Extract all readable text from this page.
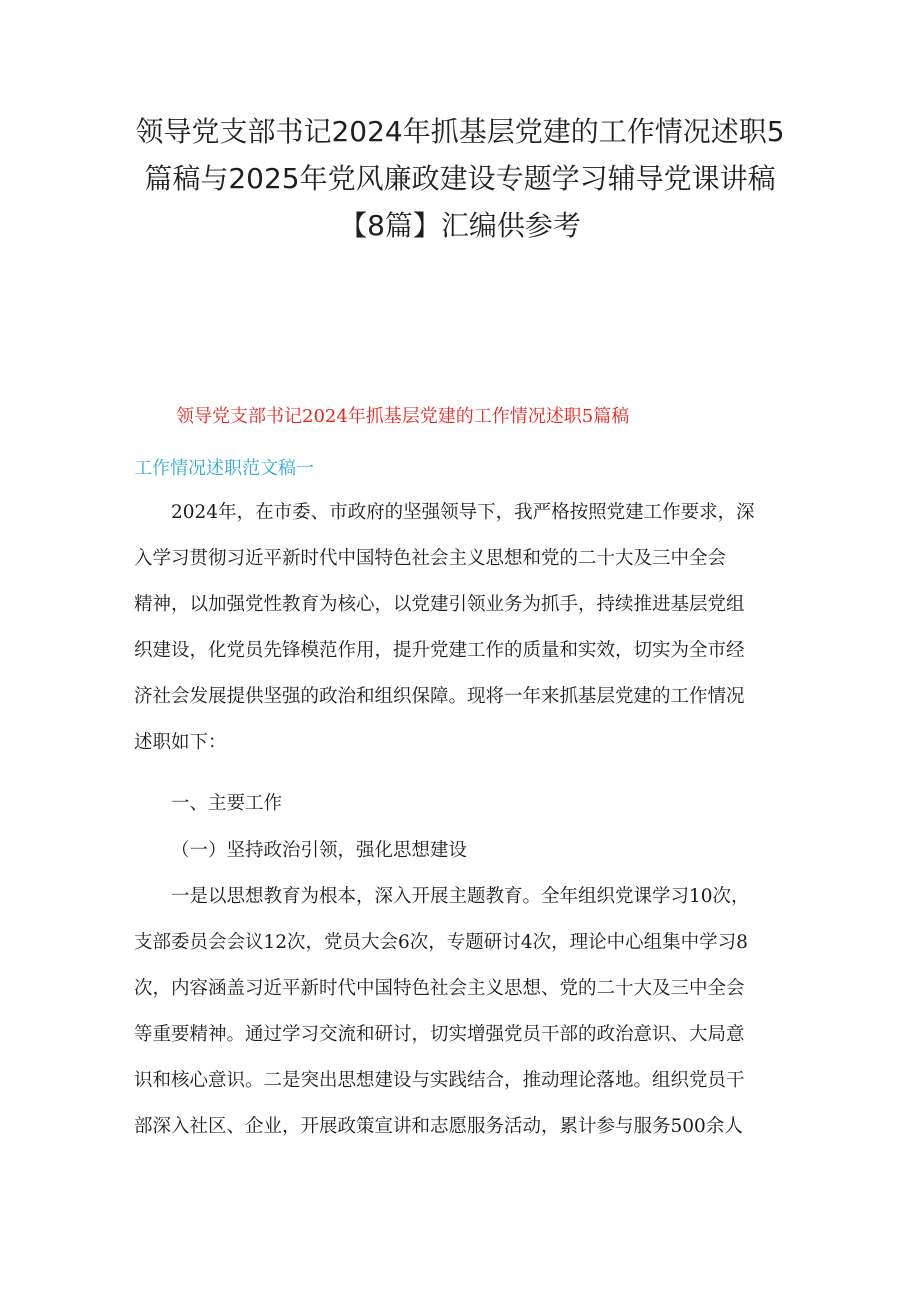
领导党支部书记2024年抓基层党建的工作情况述职5
篇稿与2025年党风廉政建设专题学习辅导党课讲稿
【8篇】汇编供参考
领导党支部书记2024年抓基层党建的工作情况述职5篇稿
工作情况述职范文稿一
2024年，在市委、市政府的坚强领导下，我严格按照党建工作要求，深
入学习贯彻习近平新时代中国特色社会主义思想和党的二十大及三中全会
精神，以加强党性教育为核心，以党建引领业务为抓手，持续推进基层党组
织建设，化党员先锋模范作用，提升党建工作的质量和实效，切实为全市经
济社会发展提供坚强的政治和组织保障。现将一年来抓基层党建的工作情况
述职如下：
一、主要工作
（一）坚持政治引领，强化思想建设
一是以思想教育为根本，深入开展主题教育。全年组织党课学习10次，
支部委员会会议12次，党员大会6次，专题研讨4次，理论中心组集中学习8
次，内容涵盖习近平新时代中国特色社会主义思想、党的二十大及三中全会
等重要精神。通过学习交流和研讨，切实增强党员干部的政治意识、大局意
识和核心意识。二是突出思想建设与实践结合，推动理论落地。组织党员干
部深入社区、企业，开展政策宣讲和志愿服务活动，累计参与服务500余人
